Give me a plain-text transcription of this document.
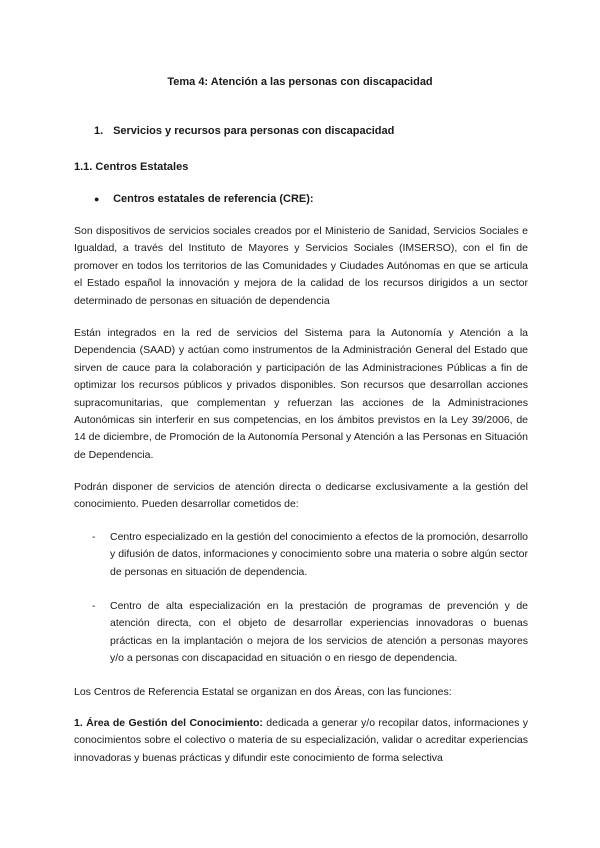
Tema 4: Atención a las personas con discapacidad
1. Servicios y recursos para personas con discapacidad
1.1. Centros Estatales
● Centros estatales de referencia (CRE):

Son dispositivos de servicios sociales creados por el Ministerio de Sanidad, Servicios Sociales e Igualdad, a través del Instituto de Mayores y Servicios Sociales (IMSERSO), con el fin de promover en todos los territorios de las Comunidades y Ciudades Autónomas en que se articula el Estado español la innovación y mejora de la calidad de los recursos dirigidos a un sector determinado de personas en situación de dependencia

Están integrados en la red de servicios del Sistema para la Autonomía y Atención a la Dependencia (SAAD) y actúan como instrumentos de la Administración General del Estado que sirven de cauce para la colaboración y participación de las Administraciones Públicas a fin de optimizar los recursos públicos y privados disponibles. Son recursos que desarrollan acciones supracomunitarias, que complementan y refuerzan las acciones de la Administraciones Autonómicas sin interferir en sus competencias, en los ámbitos previstos en la Ley 39/2006, de 14 de diciembre, de Promoción de la Autonomía Personal y Atención a las Personas en Situación de Dependencia.

Podrán disponer de servicios de atención directa o dedicarse exclusivamente a la gestión del conocimiento. Pueden desarrollar cometidos de:

- Centro especializado en la gestión del conocimiento a efectos de la promoción, desarrollo y difusión de datos, informaciones y conocimiento sobre una materia o sobre algún sector de personas en situación de dependencia.
- Centro de alta especialización en la prestación de programas de prevención y de atención directa, con el objeto de desarrollar experiencias innovadoras o buenas prácticas en la implantación o mejora de los servicios de atención a personas mayores y/o a personas con discapacidad en situación o en riesgo de dependencia.

Los Centros de Referencia Estatal se organizan en dos Áreas, con las funciones:

1. Área de Gestión del Conocimiento: dedicada a generar y/o recopilar datos, informaciones y conocimientos sobre el colectivo o materia de su especialización, validar o acreditar experiencias innovadoras y buenas prácticas y difundir este conocimiento de forma selectiva
